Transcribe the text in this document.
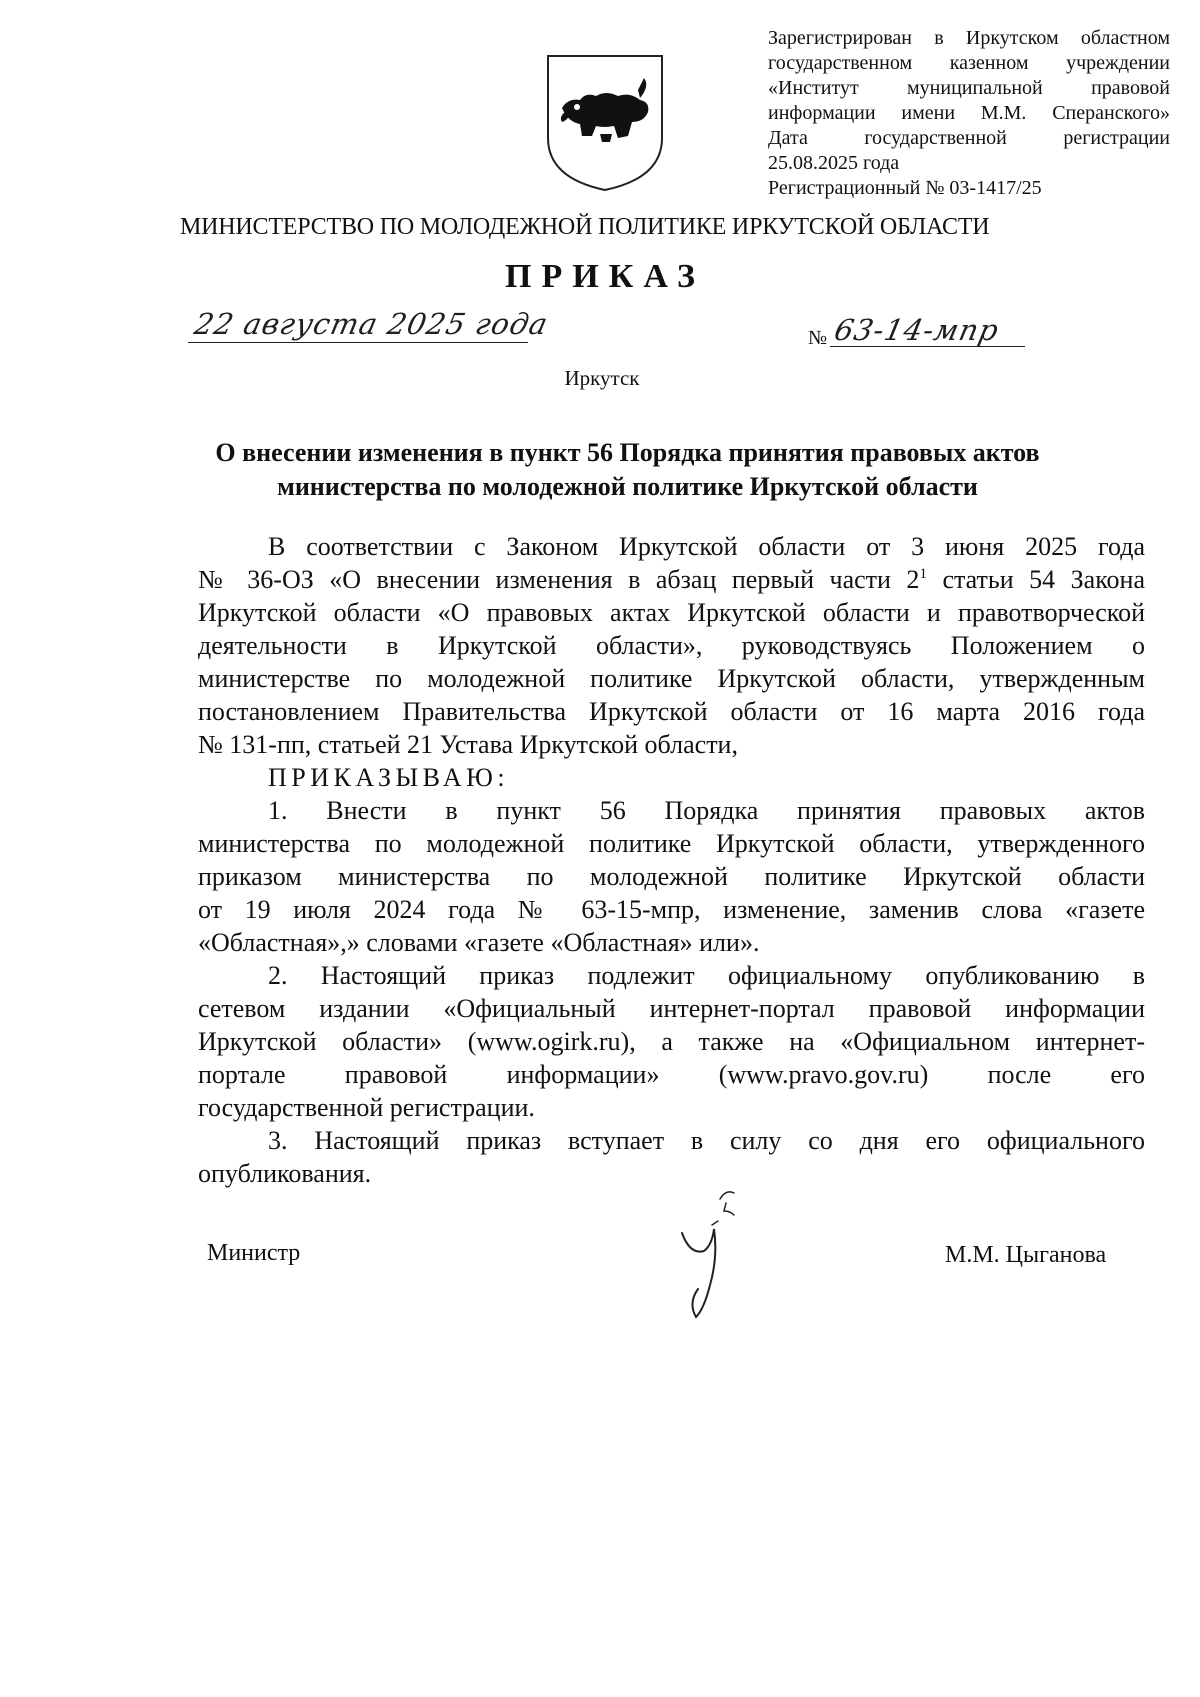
Зарегистрирован в Иркутском областном
государственном казенном учреждении
«Институт муниципальной правовой
информации имени М.М. Сперанского»
Дата государственной регистрации
25.08.2025 года
Регистрационный № 03-1417/25
МИНИСТЕРСТВО ПО МОЛОДЕЖНОЙ ПОЛИТИКЕ ИРКУТСКОЙ ОБЛАСТИ
ПРИКАЗ
22 августа 2025 года	№ 63-14-мпр
Иркутск
О внесении изменения в пункт 56 Порядка принятия правовых актов
министерства по молодежной политике Иркутской области
В соответствии с Законом Иркутской области от 3 июня 2025 года
№ 36-ОЗ «О внесении изменения в абзац первый части 2$^1$ статьи 54 Закона
Иркутской области «О правовых актах Иркутской области и правотворческой
деятельности в Иркутской области», руководствуясь Положением о
министерстве по молодежной политике Иркутской области, утвержденным
постановлением Правительства Иркутской области от 16 марта 2016 года
№ 131-пп, статьей 21 Устава Иркутской области,
ПРИКАЗЫВАЮ:
1. Внести в пункт 56 Порядка принятия правовых актов
министерства по молодежной политике Иркутской области, утвержденного
приказом министерства по молодежной политике Иркутской области
от 19 июля 2024 года № 63-15-мпр, изменение, заменив слова «газете
«Областная»,» словами «газете «Областная» или».
2. Настоящий приказ подлежит официальному опубликованию в
сетевом издании «Официальный интернет-портал правовой информации
Иркутской области» (www.ogirk.ru), а также на «Официальном интернет-
портале правовой информации» (www.pravo.gov.ru) после его
государственной регистрации.
3. Настоящий приказ вступает в силу со дня его официального
опубликования.
Министр	М.М. Цыганова
